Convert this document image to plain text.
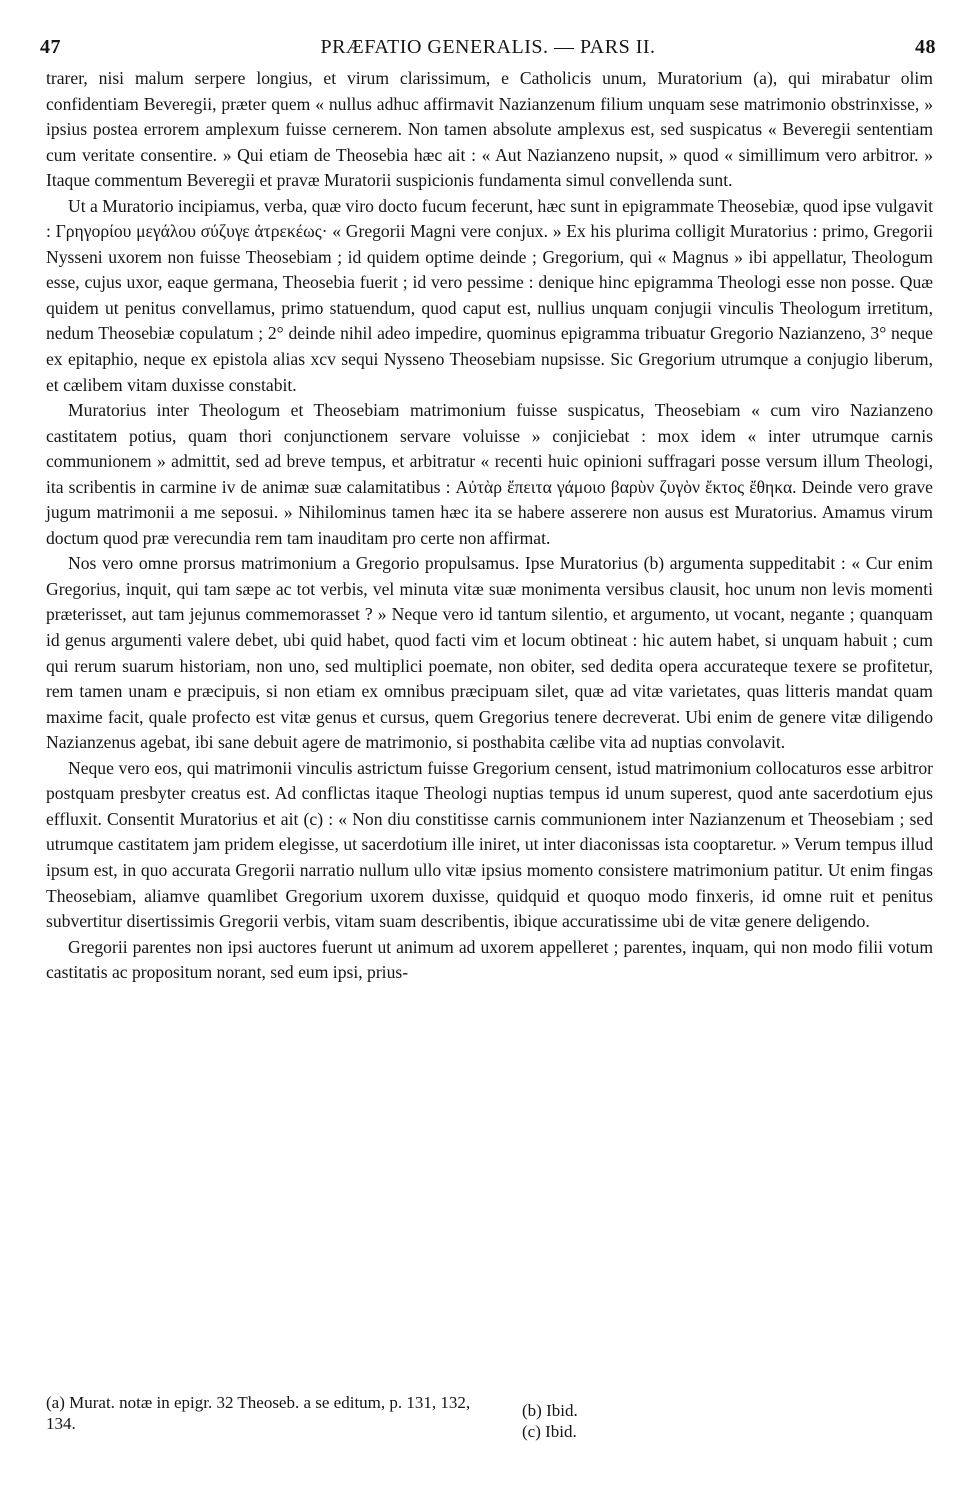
47	PRÆFATIO GENERALIS. — PARS II.	48

trarer, nisi malum serpere longius, et virum clarissimum, e Catholicis unum, Muratorium (a), qui mirabatur olim confidentiam Beveregii, præter quem « nullus adhuc affirmavit Nazianzenum filium unquam sese matrimonio obstrinxisse, » ipsius postea errorem amplexum fuisse cernerem. Non tamen absolute amplexus est, sed suspicatus « Beveregii sententiam cum veritate consentire. » Qui etiam de Theosebia hæc ait : « Aut Nazianzeno nupsit, » quod « simillimum vero arbitror. » Itaque commentum Beveregii et pravæ Muratorii suspicionis fundamenta simul convellenda sunt.

Ut a Muratorio incipiamus, verba, quæ viro docto fucum fecerunt, hæc sunt in epigrammate Theosebiæ, quod ipse vulgavit : Γρηγορίου μεγάλου σύζυγε ἀτρεκέως· « Gregorii Magni vere conjux. » Ex his plurima colligit Muratorius : primo, Gregorii Nysseni uxorem non fuisse Theosebiam ; id quidem optime deinde ; Gregorium, qui « Magnus » ibi appellatur, Theologum esse, cujus uxor, eaque germana, Theosebia fuerit ; id vero pessime : denique hinc epigramma Theologi esse non posse. Quæ quidem ut penitus convellamus, primo statuendum, quod caput est, nullius unquam conjugii vinculis Theologum irretitum, nedum Theosebiæ copulatum ; 2° deinde nihil adeo impedire, quominus epigramma tribuatur Gregorio Nazianzeno, 3° neque ex epitaphio, neque ex epistola alias xcv sequi Nysseno Theosebiam nupsisse. Sic Gregorium utrumque a conjugio liberum, et cælibem vitam duxisse constabit.

Muratorius inter Theologum et Theosebiam matrimonium fuisse suspicatus, Theosebiam « cum viro Nazianzeno castitatem potius, quam thori conjunctionem servare voluisse » conjiciebat : mox idem « inter utrumque carnis communionem » admittit, sed ad breve tempus, et arbitratur « recenti huic opinioni suffragari posse versum illum Theologi, ita scribentis in carmine iv de animæ suæ calamitatibus : Αὐτὰρ ἔπειτα γάμοιο βαρὺν ζυγὸν ἔκτος ἔθηκα. Deinde vero grave jugum matrimonii a me seposui. » Nihilominus tamen hæc ita se habere asserere non ausus est Muratorius. Amamus virum doctum quod præ verecundia rem tam inauditam pro certe non affirmat.

Nos vero omne prorsus matrimonium a Gregorio propulsamus. Ipse Muratorius (b) argumenta suppeditabit : « Cur enim Gregorius, inquit, qui tam sæpe ac tot verbis, vel minuta vitæ suæ monimenta versibus clausit, hoc unum non levis momenti præterisset, aut tam jejunus commemorasset ? » Neque vero id tantum silentio, et argumento, ut vocant, negante ; quanquam id genus argumenti valere debet, ubi quid habet, quod facti vim et locum obtineat : hic autem habet, si unquam habuit ; cum qui rerum suarum historiam, non uno, sed multiplici poemate, non obiter, sed dedita opera accurateque texere se profitetur, rem tamen unam e præcipuis, si non etiam ex omnibus præcipuam silet, quæ ad vitæ varietates, quas litteris mandat quam maxime facit, quale profecto est vitæ genus et cursus, quem Gregorius tenere decreverat. Ubi enim de genere vitæ diligendo Nazianzenus agebat, ibi sane debuit agere de matrimonio, si posthabita cælibe vita ad nuptias convolavit.

Neque vero eos, qui matrimonii vinculis astrictum fuisse Gregorium censent, istud matrimonium collocaturos esse arbitror postquam presbyter creatus est. Ad conflictas itaque Theologi nuptias tempus id unum superest, quod ante sacerdotium ejus effluxit. Consentit Muratorius et ait (c) : « Non diu constitisse carnis communionem inter Nazianzenum et Theosebiam ; sed utrumque castitatem jam pridem elegisse, ut sacerdotium ille iniret, ut inter diaconissas ista cooptaretur. » Verum tempus illud ipsum est, in quo accurata Gregorii narratio nullum ullo vitæ ipsius momento consistere matrimonium patitur. Ut enim fingas Theosebiam, aliamve quamlibet Gregorium uxorem duxisse, quidquid et quoquo modo finxeris, id omne ruit et penitus subvertitur disertissimis Gregorii verbis, vitam suam describentis, ibique accuratissime ubi de vitæ genere deligendo.

Gregorii parentes non ipsi auctores fuerunt ut animum ad uxorem appelleret ; parentes, inquam, qui non modo filii votum castitatis ac propositum norant, sed eum ipsi, prius-

(a) Murat. notæ in epigr. 32 Theoseb. a se editum, p. 131, 132, 134.
(b) Ibid.
(c) Ibid.
